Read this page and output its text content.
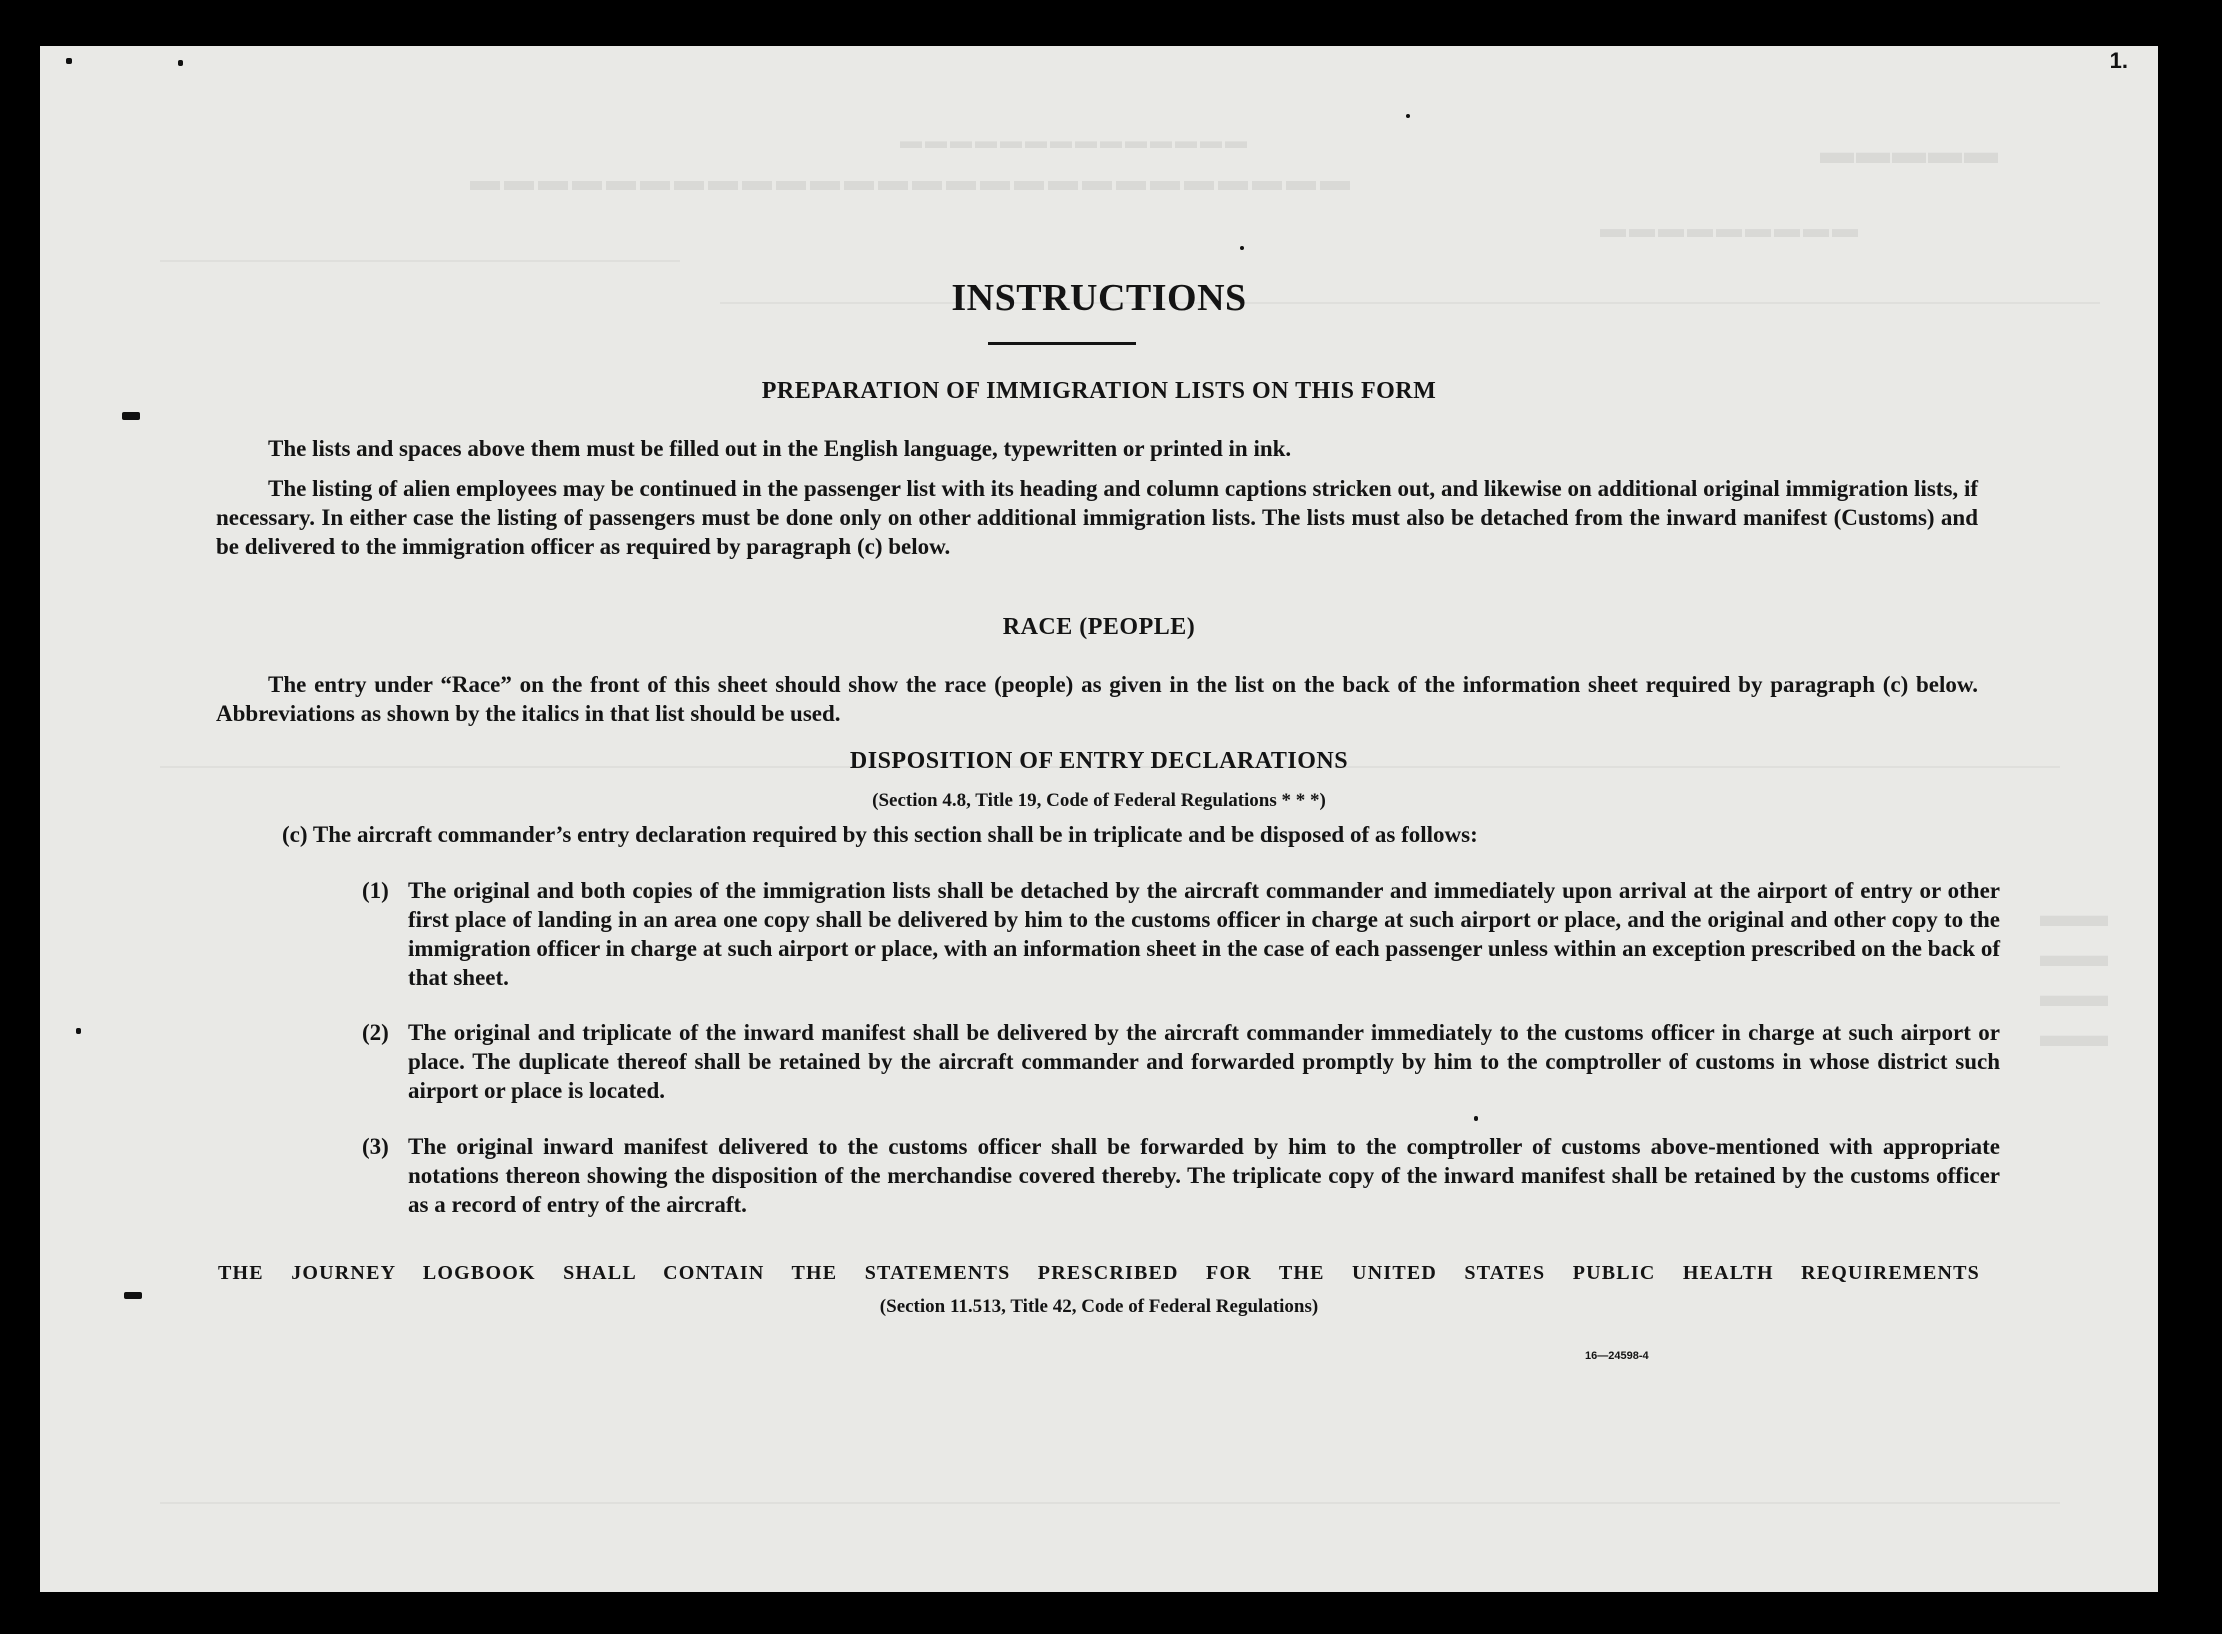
▬▬▬▬▬▬▬▬▬▬▬▬▬▬▬▬▬▬▬▬▬▬▬▬▬▬
▬▬▬▬▬▬▬▬▬
▬▬▬▬▬
▬▬▬▬▬▬▬▬▬▬▬▬▬▬
▬▬
▬▬
▬▬
▬▬
1.
INSTRUCTIONS
PREPARATION OF IMMIGRATION LISTS ON THIS FORM
The lists and spaces above them must be filled out in the English language, typewritten or printed in ink.
The listing of alien employees may be continued in the passenger list with its heading and column captions stricken out, and likewise on additional original immigration lists, if necessary. In either case the listing of passengers must be done only on other additional immigration lists. The lists must also be detached from the inward manifest (Customs) and be delivered to the immigration officer as required by paragraph (c) below.
RACE (PEOPLE)
The entry under “Race” on the front of this sheet should show the race (people) as given in the list on the back of the information sheet required by paragraph (c) below. Abbreviations as shown by the italics in that list should be used.
DISPOSITION OF ENTRY DECLARATIONS
(Section 4.8, Title 19, Code of Federal Regulations * * *)
(c) The aircraft commander’s entry declaration required by this section shall be in triplicate and be disposed of as follows:
(1) The original and both copies of the immigration lists shall be detached by the aircraft commander and immediately upon arrival at the airport of entry or other first place of landing in an area one copy shall be delivered by him to the customs officer in charge at such airport or place, and the original and other copy to the immigration officer in charge at such airport or place, with an information sheet in the case of each passenger unless within an exception prescribed on the back of that sheet.
(2) The original and triplicate of the inward manifest shall be delivered by the aircraft commander immediately to the customs officer in charge at such airport or place. The duplicate thereof shall be retained by the aircraft commander and forwarded promptly by him to the comptroller of customs in whose district such airport or place is located.
(3) The original inward manifest delivered to the customs officer shall be forwarded by him to the comptroller of customs above-mentioned with appropriate notations thereon showing the disposition of the merchandise covered thereby. The triplicate copy of the inward manifest shall be retained by the customs officer as a record of entry of the aircraft.
THE JOURNEY LOGBOOK SHALL CONTAIN THE STATEMENTS PRESCRIBED FOR THE UNITED STATES PUBLIC HEALTH REQUIREMENTS
(Section 11.513, Title 42, Code of Federal Regulations)
16—24598-4
